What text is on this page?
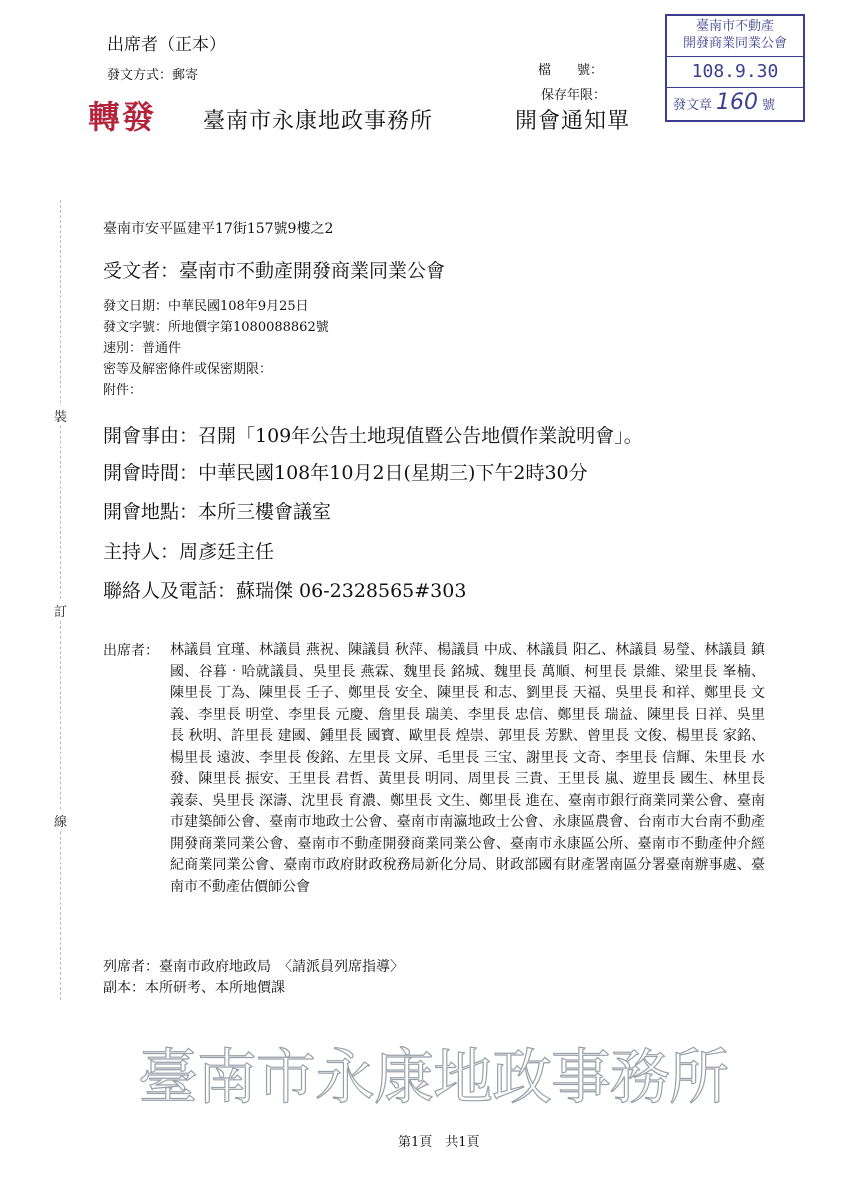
出席者（正本）
發文方式：郵寄	檔　　號：
保存年限：
轉發 臺南市永康地政事務所	開會通知單
臺南市不動產
開發商業同業公會
108.9.30
發文章 160 號
臺南市安平區建平17街157號9樓之2
受文者：臺南市不動產開發商業同業公會
發文日期：中華民國108年9月25日
發文字號：所地價字第1080088862號
速別：普通件
密等及解密條件或保密期限：
附件：
開會事由：召開「109年公告土地現值暨公告地價作業說明會」。
開會時間：中華民國108年10月2日(星期三)下午2時30分
開會地點：本所三樓會議室
主持人：周彥廷主任
聯絡人及電話：蘇瑞傑 06-2328565#303
出席者： 林議員 宜瑾、林議員 燕祝、陳議員 秋萍、楊議員 中成、林議員 阳乙、林議員 易瑩、林議員 鎮國、谷暮‧哈就議員、吳里長 燕霖、魏里長 銘城、魏里長 萬順、柯里長 景維、梁里長 峯楠、陳里長 丁為、陳里長 壬子、鄭里長 安全、陳里長 和志、劉里長 天福、吳里長 和祥、鄭里長 文義、李里長 明堂、李里長 元慶、詹里長 瑞美、李里長 忠信、鄭里長 瑞益、陳里長 日祥、吳里長 秋明、許里長 建國、鍾里長 國寶、歐里長 煌崇、郭里長 芳默、曾里長 文俊、楊里長 家銘、楊里長 遠波、李里長 俊銘、左里長 文屏、毛里長 三宝、謝里長 文奇、李里長 信輝、朱里長 水發、陳里長 振安、王里長 君哲、黃里長 明同、周里長 三貴、王里長 嵐、遊里長 國生、林里長 義泰、吳里長 深濤、沈里長 育濃、鄭里長 文生、鄭里長 進在、臺南市銀行商業同業公會、臺南市建築師公會、臺南市地政士公會、臺南市南瀛地政士公會、永康區農會、台南市大台南不動產開發商業同業公會、臺南市不動產開發商業同業公會、臺南市永康區公所、臺南市不動產仲介經紀商業同業公會、臺南市政府財政稅務局新化分局、財政部國有財產署南區分署臺南辦事處、臺南市不動產估價師公會
列席者：臺南市政府地政局　〈請派員列席指導〉
副本：本所研考、本所地價課
裝
訂
線
臺南市永康地政事務所
第1頁　共1頁
